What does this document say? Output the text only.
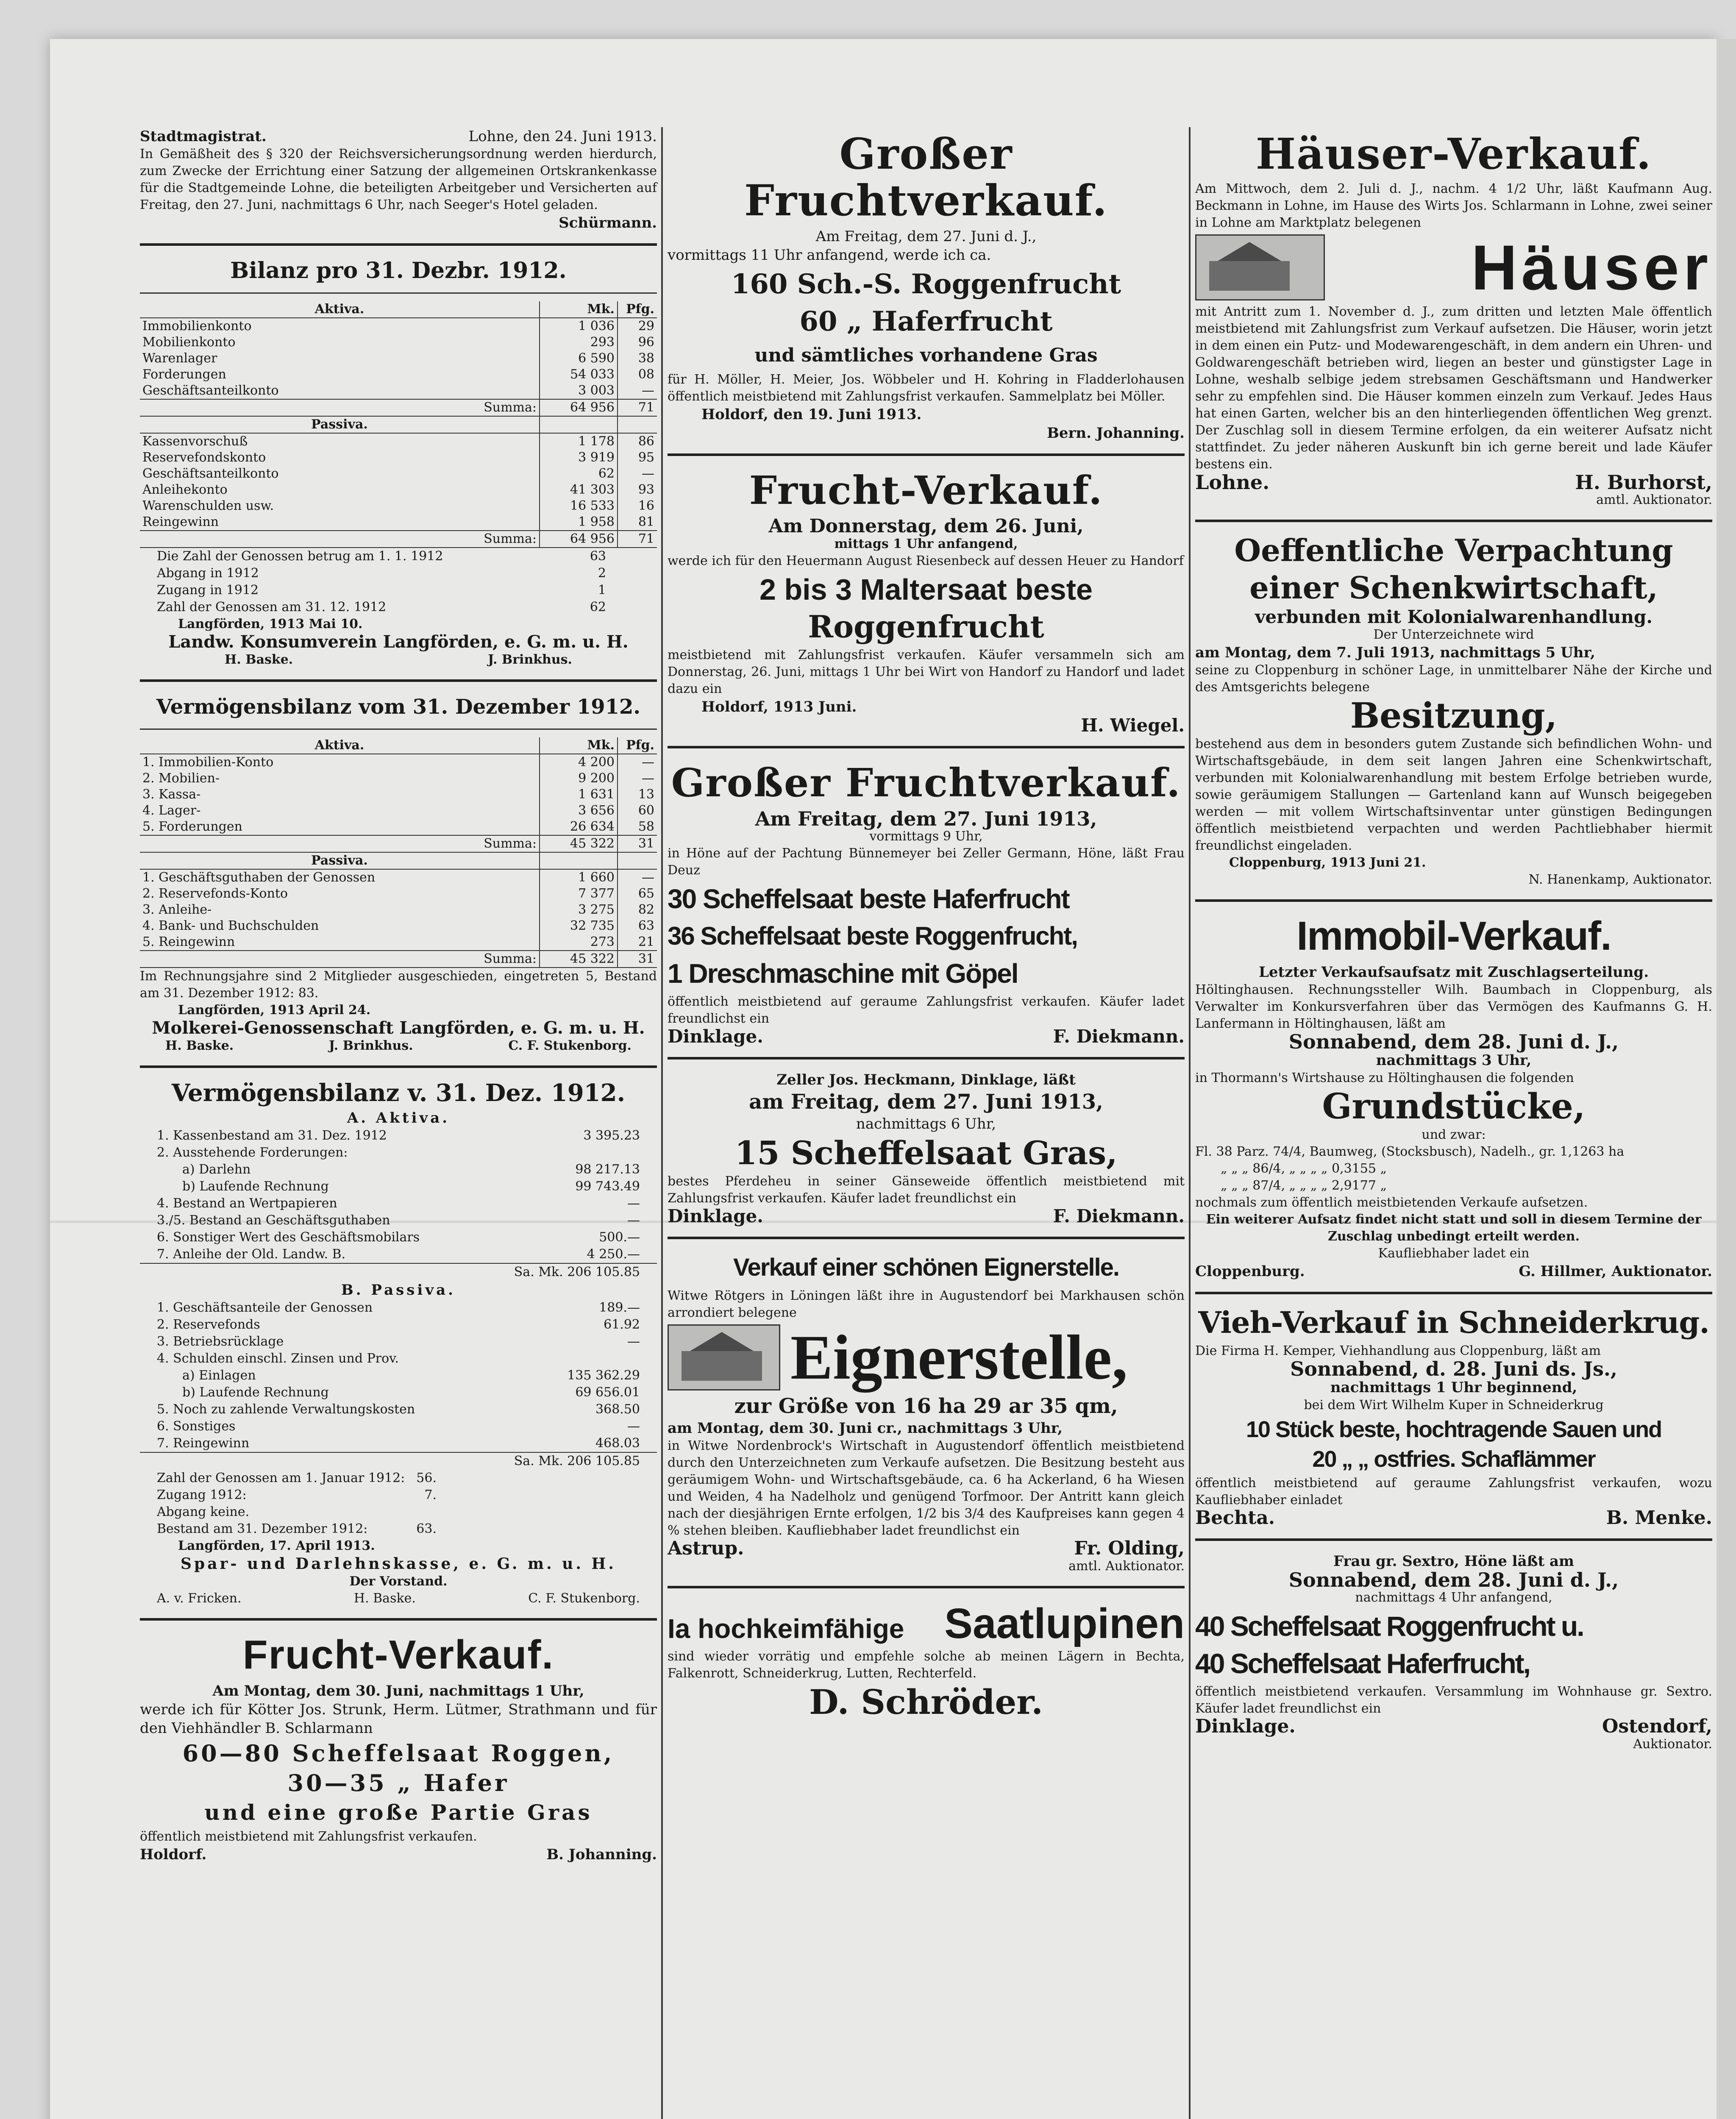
Stadtmagistrat.	Lohne, den 24. Juni 1913.

In Gemäßheit des § 320 der Reichsversicherungsordnung werden hierdurch, zum Zwecke der Errichtung einer Satzung der allgemeinen Ortskrankenkasse für die Stadtgemeinde Lohne, die beteiligten Arbeitgeber und Versicherten auf Freitag, den 27. Juni, nachmittags 6 Uhr, nach Seeger's Hotel geladen.

Schürmann.

Bilanz pro 31. Dezbr. 1912.
Aktiva.	Mk.	Pfg.
Immobilienkonto	1 036	29
Mobilienkonto	293	96
Warenlager	6 590	38
Forderungen	54 033	08
Geschäftsanteilkonto	3 003	—
Summa:	64 956	71
Passiva.		
Kassenvorschuß	1 178	86
Reservefondskonto	3 919	95
Geschäftsanteilkonto	62	—
Anleihekonto	41 303	93
Warenschulden usw.	16 533	16
Reingewinn	1 958	81
Summa:	64 956	71
Die Zahl der Genossen betrug am 1. 1. 1912	63
Abgang in 1912	2
Zugang in 1912	1
Zahl der Genossen am 31. 12. 1912	62

Langförden, 1913 Mai 10.

Landw. Konsumverein Langförden, e. G. m. u. H.

H. Baske.	J. Brinkhus.
Vermögensbilanz vom 31. Dezember 1912.
Aktiva.	Mk.	Pfg.
1. Immobilien-Konto	4 200	—
2. Mobilien-	9 200	—
3. Kassa-	1 631	13
4. Lager-	3 656	60
5. Forderungen	26 634	58
Summa:	45 322	31
Passiva.		
1. Geschäftsguthaben der Genossen	1 660	—
2. Reservefonds-Konto	7 377	65
3. Anleihe-	3 275	82
4. Bank- und Buchschulden	32 735	63
5. Reingewinn	273	21
Summa:	45 322	31

Im Rechnungsjahre sind 2 Mitglieder ausgeschieden, eingetreten 5, Bestand am 31. Dezember 1912: 83.

Langförden, 1913 April 24.

Molkerei-Genossenschaft Langförden, e. G. m. u. H.

H. Baske.	J. Brinkhus.	C. F. Stukenborg.
Vermögensbilanz v. 31. Dez. 1912.

A. Aktiva.

1. Kassenbestand am 31. Dez. 1912	3 395.23
2. Ausstehende Forderungen:
a) Darlehn	98 217.13
b) Laufende Rechnung	99 743.49
4. Bestand an Wertpapieren	—
3./5. Bestand an Geschäftsguthaben	—
6. Sonstiger Wert des Geschäftsmobilars	500.—
7. Anleihe der Old. Landw. B.	4 250.—

Sa. Mk. 206 105.85

B. Passiva.

1. Geschäftsanteile der Genossen	189.—
2. Reservefonds	61.92
3. Betriebsrücklage	—
4. Schulden einschl. Zinsen und Prov.
a) Einlagen	135 362.29
b) Laufende Rechnung	69 656.01
5. Noch zu zahlende Verwaltungskosten	368.50
6. Sonstiges	—
7. Reingewinn	468.03

Sa. Mk. 206 105.85

Zahl der Genossen am 1. Januar 1912: 56.
Zugang 1912:	7.
Abgang keine.
Bestand am 31. Dezember 1912:	63.

Langförden, 17. April 1913.

Spar- und Darlehnskasse, e. G. m. u. H.

Der Vorstand.

A. v. Fricken.	H. Baske.	C. F. Stukenborg.
Frucht-Verkauf.

Am Montag, dem 30. Juni, nachmittags 1 Uhr,

werde ich für Kötter Jos. Strunk, Herm. Lütmer, Strathmann und für den Viehhändler B. Schlarmann

60—80 Scheffelsaat Roggen,

30—35 „ Hafer

und eine große Partie Gras

öffentlich meistbietend mit Zahlungsfrist verkaufen.

Holdorf.	B. Johanning.
Großer Fruchtverkauf.

Am Freitag, dem 27. Juni d. J.,

vormittags 11 Uhr anfangend, werde ich ca.

160 Sch.-S. Roggenfrucht

60 „ Haferfrucht

und sämtliches vorhandene Gras

für H. Möller, H. Meier, Jos. Wöbbeler und H. Kohring in Fladderlohausen öffentlich meistbietend mit Zahlungsfrist verkaufen. Sammelplatz bei Möller.

Holdorf, den 19. Juni 1913.

Bern. Johanning.

Frucht-Verkauf.

Am Donnerstag, dem 26. Juni,

mittags 1 Uhr anfangend,

werde ich für den Heuermann August Riesenbeck auf dessen Heuer zu Handorf

2 bis 3 Maltersaat beste

Roggenfrucht

meistbietend mit Zahlungsfrist verkaufen. Käufer versammeln sich am Donnerstag, 26. Juni, mittags 1 Uhr bei Wirt von Handorf zu Handorf und ladet dazu ein

Holdorf, 1913 Juni.

H. Wiegel.

Großer Fruchtverkauf.

Am Freitag, dem 27. Juni 1913,

vormittags 9 Uhr,

in Höne auf der Pachtung Bünnemeyer bei Zeller Germann, Höne, läßt Frau Deuz

30 Scheffelsaat beste Haferfrucht

36 Scheffelsaat beste Roggenfrucht,

1 Dreschmaschine mit Göpel

öffentlich meistbietend auf geraume Zahlungsfrist verkaufen. Käufer ladet freundlichst ein

Dinklage.	F. Diekmann.

Zeller Jos. Heckmann, Dinklage, läßt

am Freitag, dem 27. Juni 1913,

nachmittags 6 Uhr,

15 Scheffelsaat Gras,

bestes Pferdeheu in seiner Gänseweide öffentlich meistbietend mit Zahlungsfrist verkaufen. Käufer ladet freundlichst ein

Dinklage.	F. Diekmann.
Verkauf einer schönen Eignerstelle.

Witwe Rötgers in Löningen läßt ihre in Augustendorf bei Markhausen schön arrondiert belegene

Eignerstelle,

zur Größe von 16 ha 29 ar 35 qm,

am Montag, dem 30. Juni cr., nachmittags 3 Uhr,

in Witwe Nordenbrock's Wirtschaft in Augustendorf öffentlich meistbietend durch den Unterzeichneten zum Verkaufe aufsetzen. Die Besitzung besteht aus geräumigem Wohn- und Wirtschaftsgebäude, ca. 6 ha Ackerland, 6 ha Wiesen und Weiden, 4 ha Nadelholz und genügend Torfmoor. Der Antritt kann gleich nach der diesjährigen Ernte erfolgen, 1/2 bis 3/4 des Kaufpreises kann gegen 4 % stehen bleiben. Kaufliebhaber ladet freundlichst ein

Astrup.	Fr. Olding,

amtl. Auktionator.

Ia hochkeimfähige Saatlupinen

sind wieder vorrätig und empfehle solche ab meinen Lägern in Bechta, Falkenrott, Schneiderkrug, Lutten, Rechterfeld.

D. Schröder.

Häuser-Verkauf.

Am Mittwoch, dem 2. Juli d. J., nachm. 4 1/2 Uhr, läßt Kaufmann Aug. Beckmann in Lohne, im Hause des Wirts Jos. Schlarmann in Lohne, zwei seiner in Lohne am Marktplatz belegenen

Häuser

mit Antritt zum 1. November d. J., zum dritten und letzten Male öffentlich meistbietend mit Zahlungsfrist zum Verkauf aufsetzen. Die Häuser, worin jetzt in dem einen ein Putz- und Modewarengeschäft, in dem andern ein Uhren- und Goldwarengeschäft betrieben wird, liegen an bester und günstigster Lage in Lohne, weshalb selbige jedem strebsamen Geschäftsmann und Handwerker sehr zu empfehlen sind. Die Häuser kommen einzeln zum Verkauf. Jedes Haus hat einen Garten, welcher bis an den hinterliegenden öffentlichen Weg grenzt. Der Zuschlag soll in diesem Termine erfolgen, da ein weiterer Aufsatz nicht stattfindet. Zu jeder näheren Auskunft bin ich gerne bereit und lade Käufer bestens ein.

Lohne.	H. Burhorst,

amtl. Auktionator.

Oeffentliche Verpachtung
einer Schenkwirtschaft,

verbunden mit Kolonialwarenhandlung.

Der Unterzeichnete wird

am Montag, dem 7. Juli 1913, nachmittags 5 Uhr,

seine zu Cloppenburg in schöner Lage, in unmittelbarer Nähe der Kirche und des Amtsgerichts belegene

Besitzung,

bestehend aus dem in besonders gutem Zustande sich befindlichen Wohn- und Wirtschaftsgebäude, in dem seit langen Jahren eine Schenkwirtschaft, verbunden mit Kolonialwarenhandlung mit bestem Erfolge betrieben wurde, sowie geräumigem Stallungen — Gartenland kann auf Wunsch beigegeben werden — mit vollem Wirtschaftsinventar unter günstigen Bedingungen öffentlich meistbietend verpachten und werden Pachtliebhaber hiermit freundlichst eingeladen.

Cloppenburg, 1913 Juni 21.

N. Hanenkamp, Auktionator.

Immobil-Verkauf.

Letzter Verkaufsaufsatz mit Zuschlagserteilung.

Höltinghausen. Rechnungssteller Wilh. Baumbach in Cloppenburg, als Verwalter im Konkursverfahren über das Vermögen des Kaufmanns G. H. Lanfermann in Höltinghausen, läßt am

Sonnabend, dem 28. Juni d. J.,

nachmittags 3 Uhr,

in Thormann's Wirtshause zu Höltinghausen die folgenden

Grundstücke,

und zwar:

Fl. 38 Parz. 74/4, Baumweg, (Stocksbusch), Nadelh., gr. 1,1263 ha

„ „ „ 86/4, „ „ „ „ 0,3155 „

„ „ „ 87/4, „ „ „ „ 2,9177 „

nochmals zum öffentlich meistbietenden Verkaufe aufsetzen.

Ein weiterer Aufsatz findet nicht statt und soll in diesem Termine der Zuschlag unbedingt erteilt werden.

Kaufliebhaber ladet ein

Cloppenburg.	G. Hillmer, Auktionator.
Vieh-Verkauf in Schneiderkrug.

Die Firma H. Kemper, Viehhandlung aus Cloppenburg, läßt am

Sonnabend, d. 28. Juni ds. Js.,

nachmittags 1 Uhr beginnend,

bei dem Wirt Wilhelm Kuper in Schneiderkrug

10 Stück beste, hochtragende Sauen und

20 „ „ ostfries. Schaflämmer

öffentlich meistbietend auf geraume Zahlungsfrist verkaufen, wozu Kaufliebhaber einladet

Bechta.	B. Menke.

Frau gr. Sextro, Höne läßt am

Sonnabend, dem 28. Juni d. J.,

nachmittags 4 Uhr anfangend,

40 Scheffelsaat Roggenfrucht u.

40 Scheffelsaat Haferfrucht,

öffentlich meistbietend verkaufen. Versammlung im Wohnhause gr. Sextro. Käufer ladet freundlichst ein

Dinklage.	Ostendorf,

Auktionator.
